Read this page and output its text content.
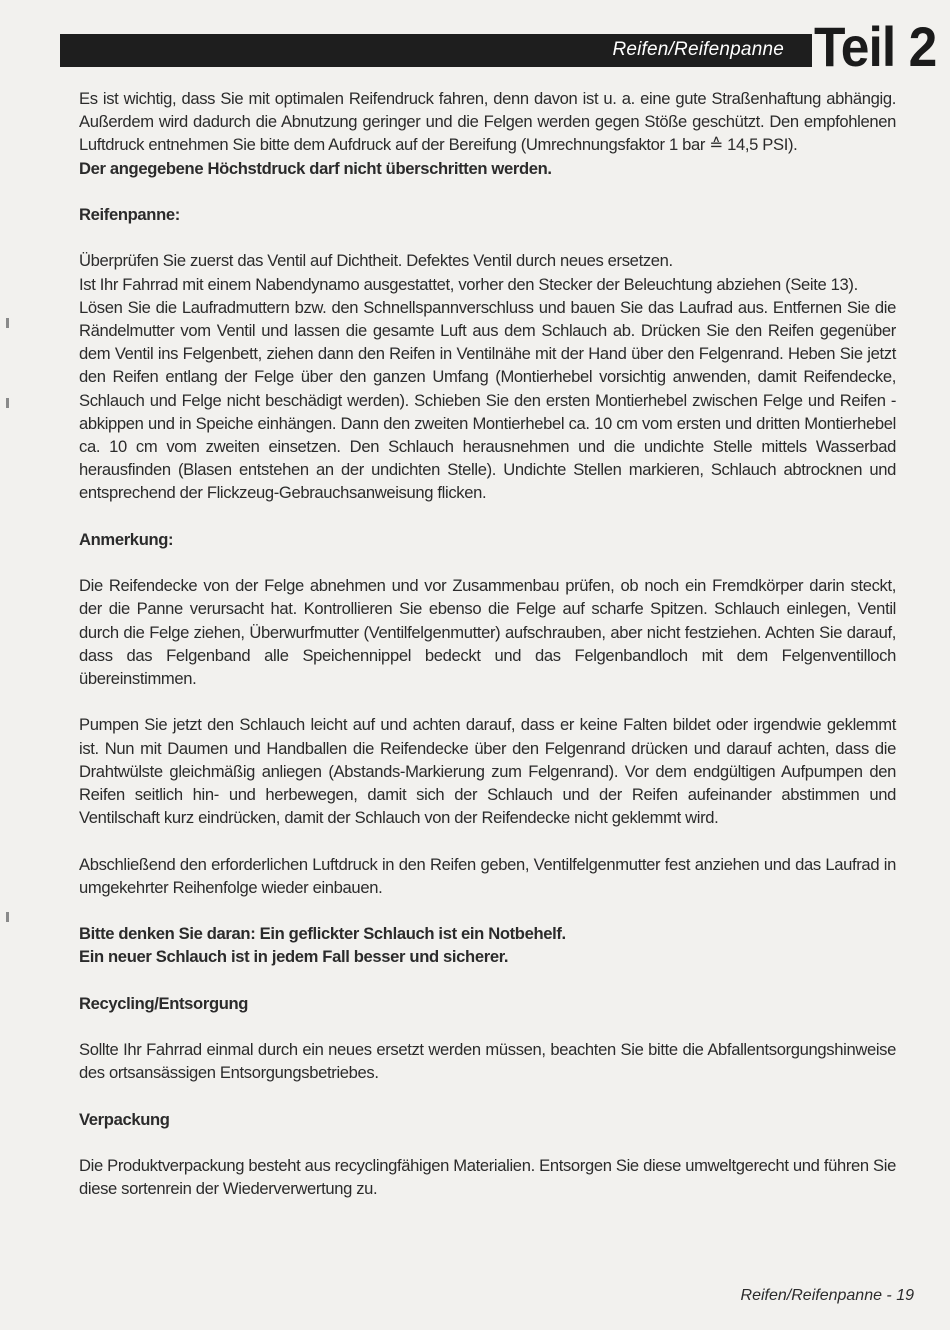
Reifen/Reifenpanne Teil 2

Es ist wichtig, dass Sie mit optimalen Reifendruck fahren, denn davon ist u. a. eine gute Straßenhaftung abhängig. Außerdem wird dadurch die Abnutzung geringer und die Felgen werden gegen Stöße geschützt. Den empfohlenen Luftdruck entnehmen Sie bitte dem Aufdruck auf der Bereifung (Umrechnungsfaktor 1 bar ≙ 14,5 PSI).

Der angegebene Höchstdruck darf nicht überschritten werden.

Reifenpanne:

Überprüfen Sie zuerst das Ventil auf Dichtheit. Defektes Ventil durch neues ersetzen.

Ist Ihr Fahrrad mit einem Nabendynamo ausgestattet, vorher den Stecker der Beleuchtung abziehen (Seite 13).

Lösen Sie die Laufradmuttern bzw. den Schnellspannverschluss und bauen Sie das Laufrad aus. Entfernen Sie die Rändelmutter vom Ventil und lassen die gesamte Luft aus dem Schlauch ab. Drücken Sie den Reifen gegenüber dem Ventil ins Felgenbett, ziehen dann den Reifen in Ventilnähe mit der Hand über den Felgenrand. Heben Sie jetzt den Reifen entlang der Felge über den ganzen Umfang (Montierhebel vorsichtig anwenden, damit Reifendecke, Schlauch und Felge nicht beschädigt werden). Schieben Sie den ersten Montierhebel zwischen Felge und Reifen - abkippen und in Speiche einhängen. Dann den zweiten Montierhebel ca. 10 cm vom ersten und dritten Montierhebel ca. 10 cm vom zweiten einsetzen. Den Schlauch herausnehmen und die undichte Stelle mittels Wasserbad herausfinden (Blasen entstehen an der undichten Stelle). Undichte Stellen markieren, Schlauch abtrocknen und entsprechend der Flickzeug-Gebrauchsanweisung flicken.

Anmerkung:

Die Reifendecke von der Felge abnehmen und vor Zusammenbau prüfen, ob noch ein Fremdkörper darin steckt, der die Panne verursacht hat. Kontrollieren Sie ebenso die Felge auf scharfe Spitzen. Schlauch einlegen, Ventil durch die Felge ziehen, Überwurfmutter (Ventilfelgenmutter) aufschrauben, aber nicht festziehen. Achten Sie darauf, dass das Felgenband alle Speichennippel bedeckt und das Felgenbandloch mit dem Felgenventilloch übereinstimmen.

Pumpen Sie jetzt den Schlauch leicht auf und achten darauf, dass er keine Falten bildet oder irgendwie geklemmt ist. Nun mit Daumen und Handballen die Reifendecke über den Felgenrand drücken und darauf achten, dass die Drahtwülste gleichmäßig anliegen (Abstands-Markierung zum Felgenrand). Vor dem endgültigen Aufpumpen den Reifen seitlich hin- und herbewegen, damit sich der Schlauch und der Reifen aufeinander abstimmen und Ventilschaft kurz eindrücken, damit der Schlauch von der Reifendecke nicht geklemmt wird.

Abschließend den erforderlichen Luftdruck in den Reifen geben, Ventilfelgenmutter fest anziehen und das Laufrad in umgekehrter Reihenfolge wieder einbauen.

Bitte denken Sie daran: Ein geflickter Schlauch ist ein Notbehelf.

Ein neuer Schlauch ist in jedem Fall besser und sicherer.

Recycling/Entsorgung

Sollte Ihr Fahrrad einmal durch ein neues ersetzt werden müssen, beachten Sie bitte die Abfallentsorgungshinweise des ortsansässigen Entsorgungsbetriebes.

Verpackung

Die Produktverpackung besteht aus recyclingfähigen Materialien. Entsorgen Sie diese umweltgerecht und führen Sie diese sortenrein der Wiederverwertung zu.

Reifen/Reifenpanne - 19
